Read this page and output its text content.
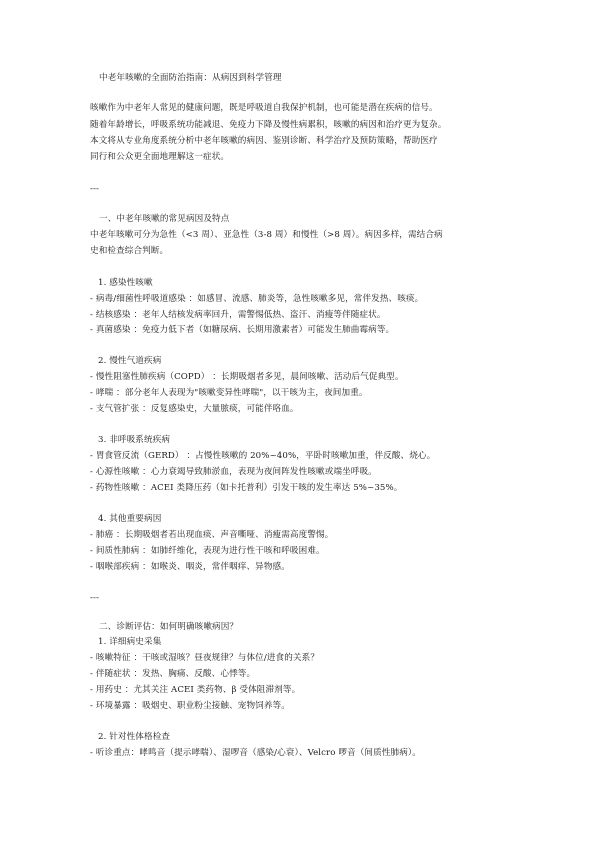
中老年咳嗽的全面防治指南：从病因到科学管理
咳嗽作为中老年人常见的健康问题，既是呼吸道自我保护机制，也可能是潜在疾病的信号。
随着年龄增长，呼吸系统功能减退、免疫力下降及慢性病累积，咳嗽的病因和治疗更为复杂。
本文将从专业角度系统分析中老年咳嗽的病因、鉴别诊断、科学治疗及预防策略，帮助医疗
同行和公众更全面地理解这一症状。
---
一、中老年咳嗽的常见病因及特点
中老年咳嗽可分为急性（<3 周）、亚急性（3-8 周）和慢性（>8 周）。病因多样，需结合病
史和检查综合判断。
1. 感染性咳嗽
- 病毒/细菌性呼吸道感染 ：如感冒、流感、肺炎等，急性咳嗽多见，常伴发热、咳痰。
- 结核感染 ：老年人结核发病率回升，需警惕低热、盗汗、消瘦等伴随症状。
- 真菌感染 ：免疫力低下者（如糖尿病、长期用激素者）可能发生肺曲霉病等。
2. 慢性气道疾病
- 慢性阻塞性肺疾病（COPD） ：长期吸烟者多见，晨间咳嗽、活动后气促典型。
- 哮喘 ：部分老年人表现为"咳嗽变异性哮喘"，以干咳为主，夜间加重。
- 支气管扩张 ：反复感染史，大量脓痰，可能伴咯血。
3. 非呼吸系统疾病
- 胃食管反流（GERD） ：占慢性咳嗽的 20%~40%，平卧时咳嗽加重，伴反酸、烧心。
- 心源性咳嗽 ：心力衰竭导致肺淤血，表现为夜间阵发性咳嗽或端坐呼吸。
- 药物性咳嗽 ：ACEI 类降压药（如卡托普利）引发干咳的发生率达 5%~35%。
4. 其他重要病因
- 肺癌 ：长期吸烟者若出现血痰、声音嘶哑、消瘦需高度警惕。
- 间质性肺病 ：如肺纤维化，表现为进行性干咳和呼吸困难。
- 咽喉部疾病 ：如喉炎、咽炎，常伴咽痒、异物感。
---
二、诊断评估：如何明确咳嗽病因？
1. 详细病史采集
- 咳嗽特征 ：干咳或湿咳？昼夜规律？与体位/进食的关系？
- 伴随症状 ：发热、胸痛、反酸、心悸等。
- 用药史 ：尤其关注 ACEI 类药物、β 受体阻滞剂等。
- 环境暴露 ：吸烟史、职业粉尘接触、宠物饲养等。
2. 针对性体格检查
- 听诊重点：哮鸣音（提示哮喘）、湿啰音（感染/心衰）、Velcro 啰音（间质性肺病）。
